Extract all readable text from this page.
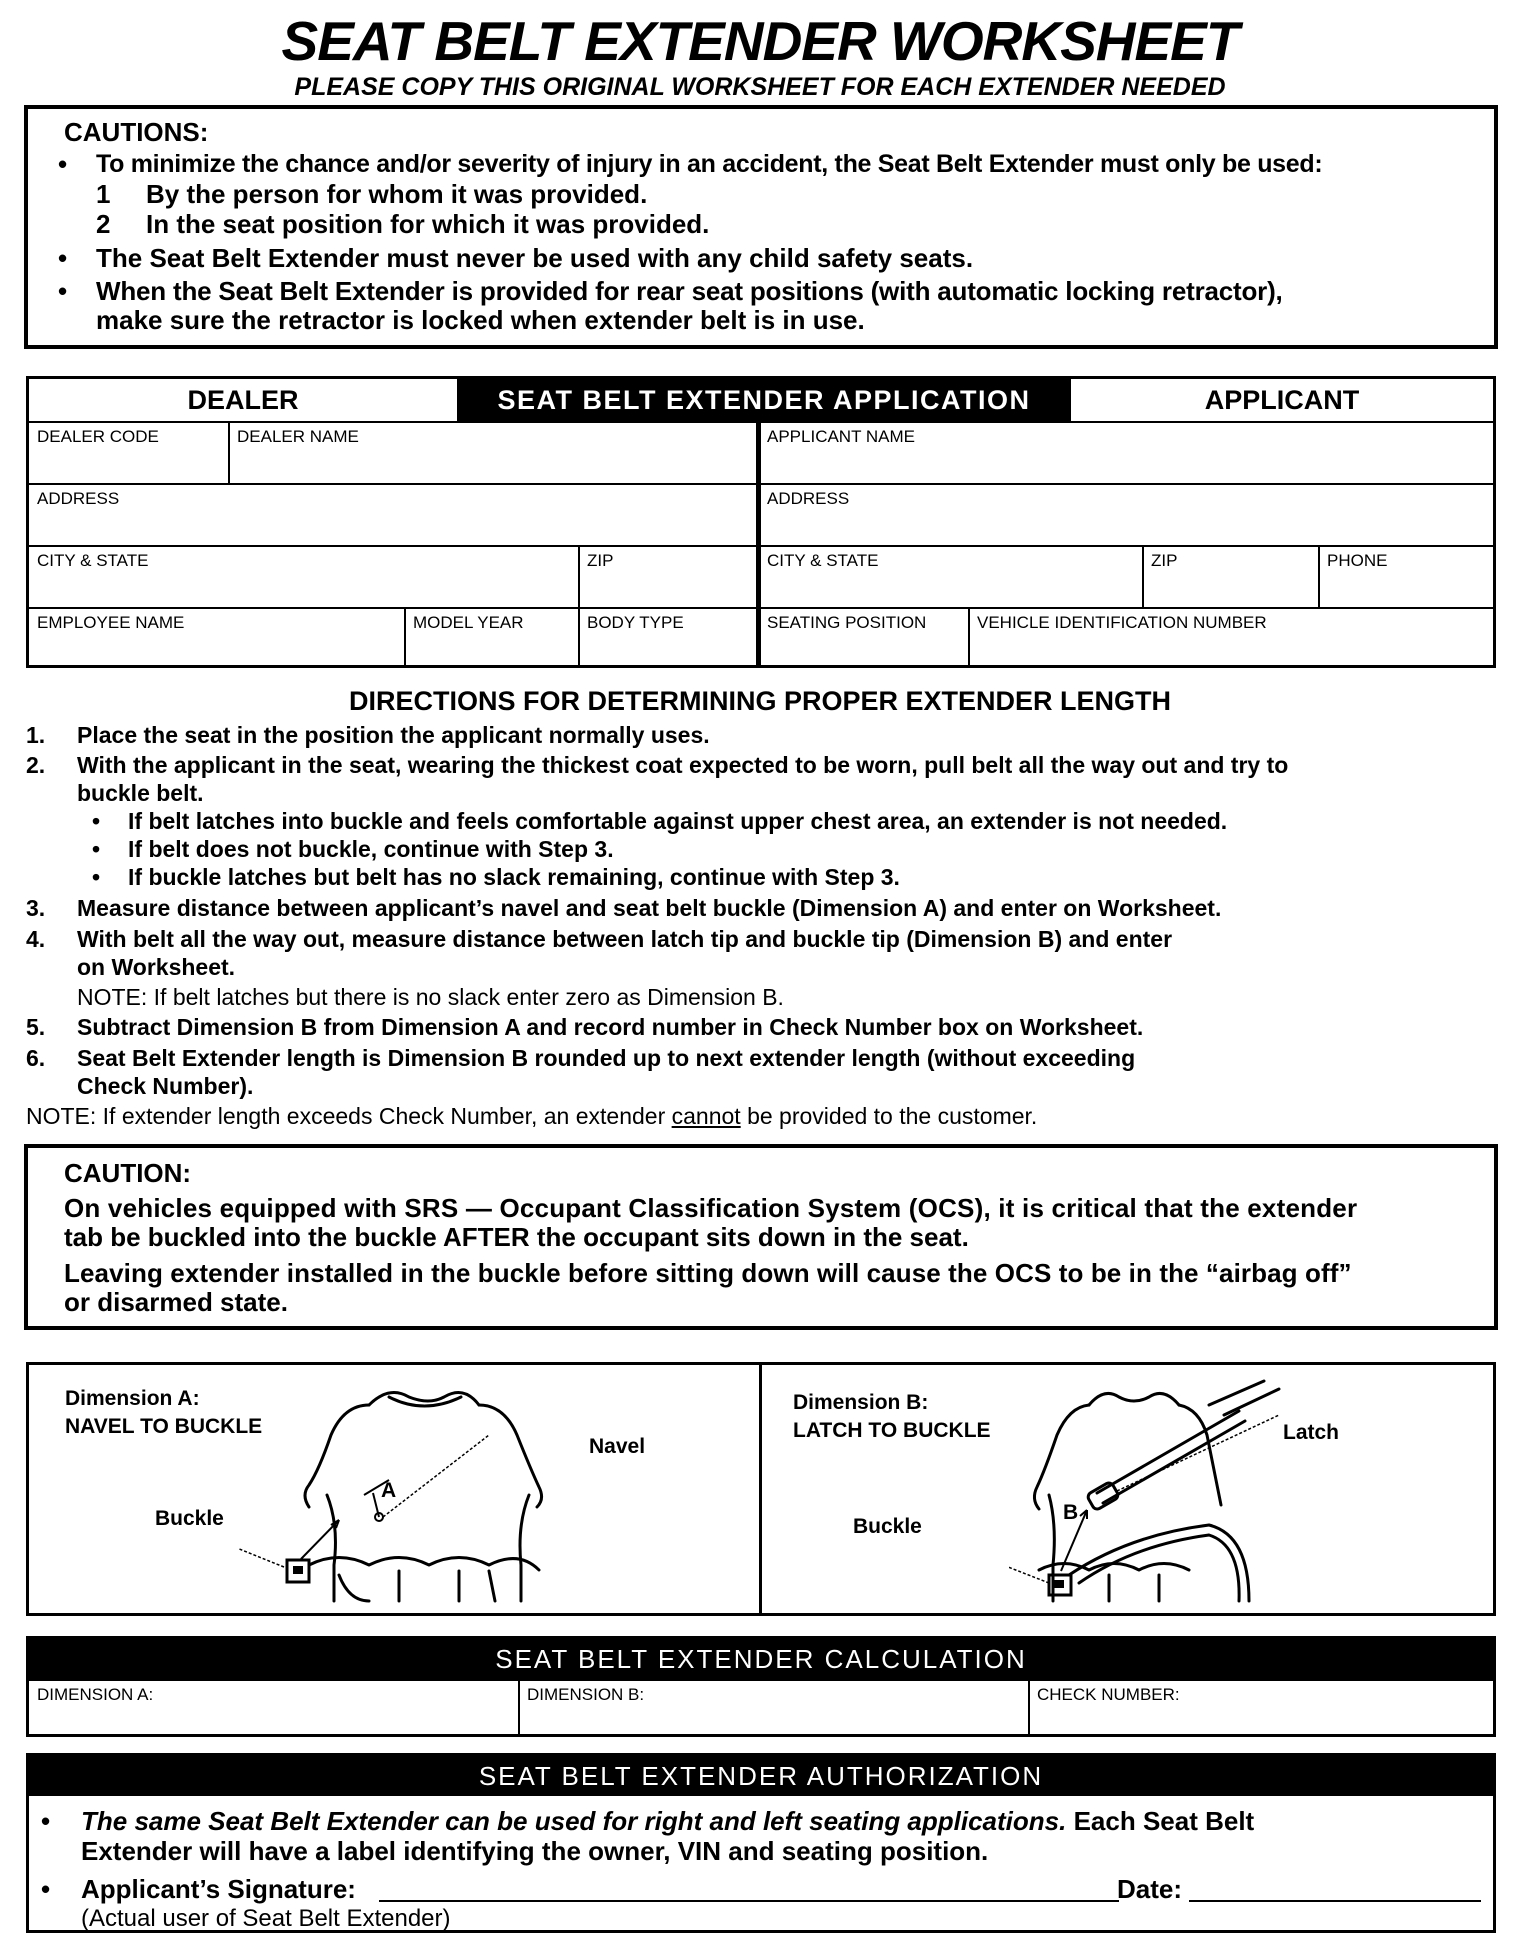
SEAT BELT EXTENDER WORKSHEET
PLEASE COPY THIS ORIGINAL WORKSHEET FOR EACH EXTENDER NEEDED
CAUTIONS:
• To minimize the chance and/or severity of injury in an accident, the Seat Belt Extender must only be used:
1 By the person for whom it was provided.
2 In the seat position for which it was provided.
• The Seat Belt Extender must never be used with any child safety seats.
• When the Seat Belt Extender is provided for rear seat positions (with automatic locking retractor),
make sure the retractor is locked when extender belt is in use.
DEALER	SEAT BELT EXTENDER APPLICATION	APPLICANT
DEALER CODE	DEALER NAME	APPLICANT NAME
ADDRESS	ADDRESS
CITY & STATE	ZIP	CITY & STATE	ZIP	PHONE
EMPLOYEE NAME	MODEL YEAR	BODY TYPE	SEATING POSITION	VEHICLE IDENTIFICATION NUMBER
DIRECTIONS FOR DETERMINING PROPER EXTENDER LENGTH
1. Place the seat in the position the applicant normally uses.
2. With the applicant in the seat, wearing the thickest coat expected to be worn, pull belt all the way out and try to
buckle belt.
• If belt latches into buckle and feels comfortable against upper chest area, an extender is not needed.
• If belt does not buckle, continue with Step 3.
• If buckle latches but belt has no slack remaining, continue with Step 3.
3. Measure distance between applicant’s navel and seat belt buckle (Dimension A) and enter on Worksheet.
4. With belt all the way out, measure distance between latch tip and buckle tip (Dimension B) and enter
on Worksheet.
NOTE: If belt latches but there is no slack enter zero as Dimension B.
5. Subtract Dimension B from Dimension A and record number in Check Number box on Worksheet.
6. Seat Belt Extender length is Dimension B rounded up to next extender length (without exceeding
Check Number).
NOTE: If extender length exceeds Check Number, an extender cannot be provided to the customer.
CAUTION:
On vehicles equipped with SRS — Occupant Classification System (OCS), it is critical that the extender
tab be buckled into the buckle AFTER the occupant sits down in the seat.
Leaving extender installed in the buckle before sitting down will cause the OCS to be in the “airbag off”
or disarmed state.
Dimension A:
NAVEL TO BUCKLE
Navel
Buckle
A
Dimension B:
LATCH TO BUCKLE	Latch
Buckle
B
SEAT BELT EXTENDER CALCULATION
DIMENSION A:	DIMENSION B:	CHECK NUMBER:
SEAT BELT EXTENDER AUTHORIZATION
• The same Seat Belt Extender can be used for right and left seating applications. Each Seat Belt
Extender will have a label identifying the owner, VIN and seating position.
• Applicant’s Signature:	Date:
(Actual user of Seat Belt Extender)
